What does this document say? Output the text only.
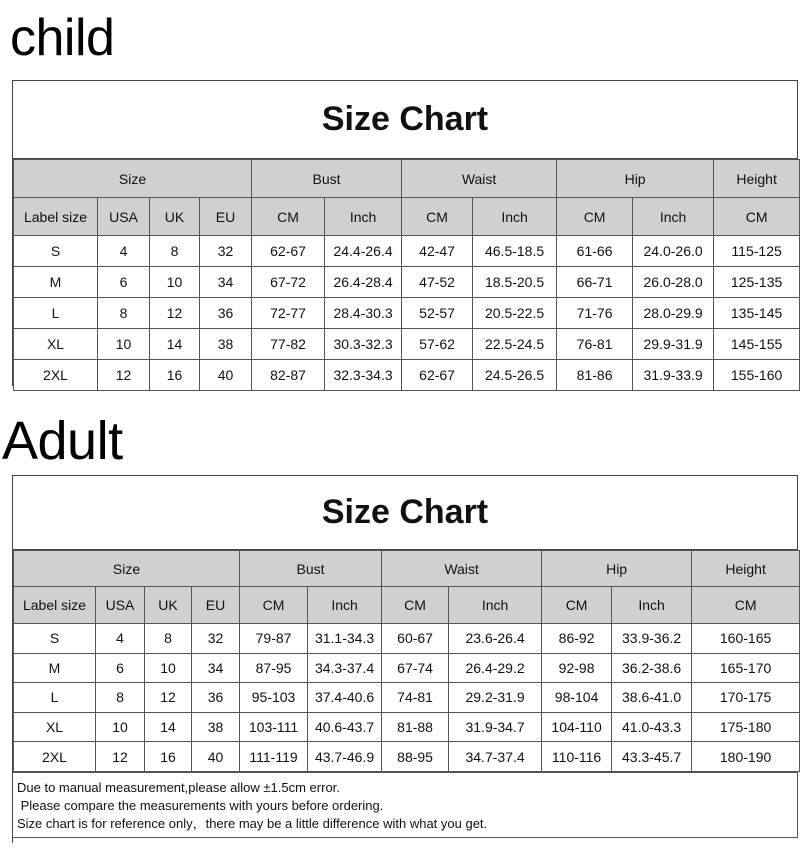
child
Size Chart
Size				Bust		Waist		Hip		Height
Label size	USA	UK	EU	CM	Inch	CM	Inch	CM	Inch	CM
S	4	8	32	62-67	24.4-26.4	42-47	46.5-18.5	61-66	24.0-26.0	115-125
M	6	10	34	67-72	26.4-28.4	47-52	18.5-20.5	66-71	26.0-28.0	125-135
L	8	12	36	72-77	28.4-30.3	52-57	20.5-22.5	71-76	28.0-29.9	135-145
XL	10	14	38	77-82	30.3-32.3	57-62	22.5-24.5	76-81	29.9-31.9	145-155
2XL	12	16	40	82-87	32.3-34.3	62-67	24.5-26.5	81-86	31.9-33.9	155-160
Adult
Size Chart
Size				Bust		Waist		Hip		Height
Label size	USA	UK	EU	CM	Inch	CM	Inch	CM	Inch	CM
S	4	8	32	79-87	31.1-34.3	60-67	23.6-26.4	86-92	33.9-36.2	160-165
M	6	10	34	87-95	34.3-37.4	67-74	26.4-29.2	92-98	36.2-38.6	165-170
L	8	12	36	95-103	37.4-40.6	74-81	29.2-31.9	98-104	38.6-41.0	170-175
XL	10	14	38	103-111	40.6-43.7	81-88	31.9-34.7	104-110	41.0-43.3	175-180
2XL	12	16	40	111-119	43.7-46.9	88-95	34.7-37.4	110-116	43.3-45.7	180-190
Due to manual measurement,please allow ±1.5cm error.
Please compare the measurements with yours before ordering.
Size chart is for reference only，there may be a little difference with what you get.
